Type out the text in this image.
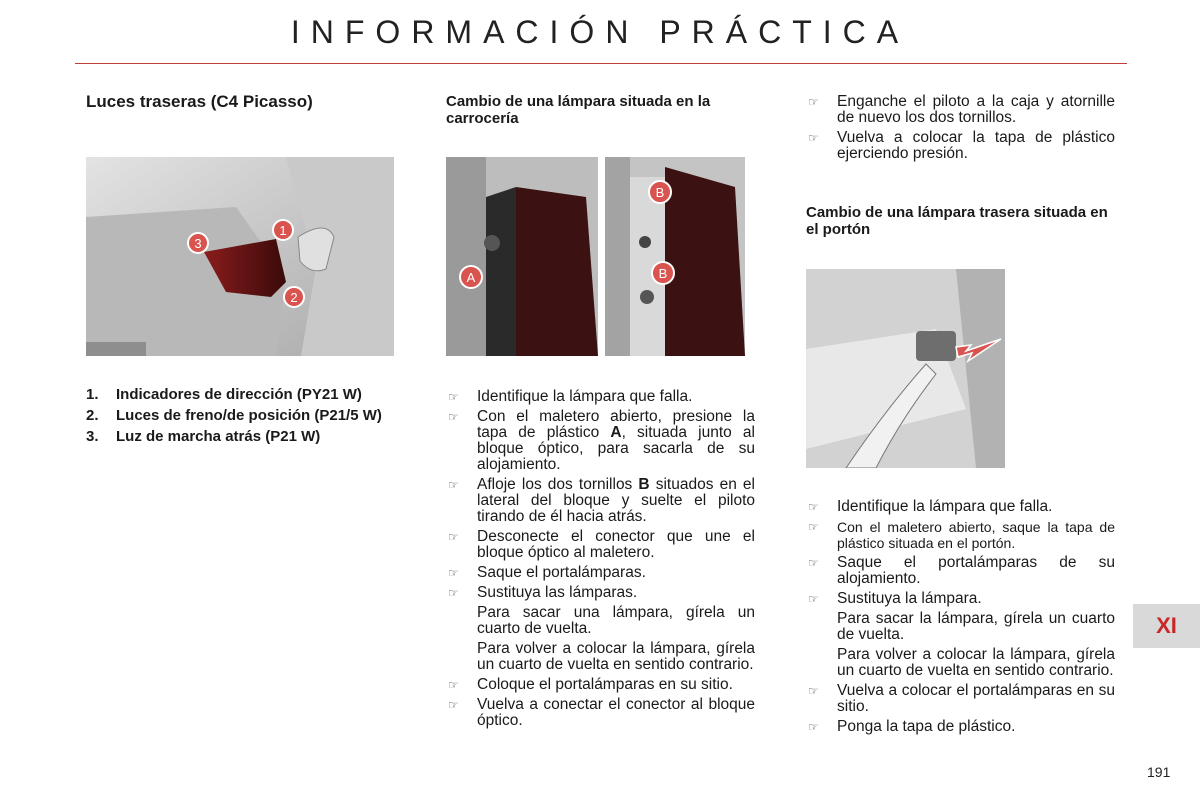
INFORMACIÓN PRÁCTICA
Luces traseras (C4 Picasso)
1
2
3
1.	Indicadores de dirección (PY21 W)
2.	Luces de freno/de posición (P21/5 W)
3.	Luz de marcha atrás (P21 W)
Cambio de una lámpara situada en la carrocería
A
B
B
☞ Identifique la lámpara que falla.
☞ Con el maletero abierto, presione la tapa de plástico A, situada junto al bloque óptico, para sacarla de su alojamiento.
☞ Afloje los dos tornillos B situados en el lateral del bloque y suelte el piloto tirando de él hacia atrás.
☞ Desconecte el conector que une el bloque óptico al maletero.
☞ Saque el portalámparas.
☞ Sustituya las lámparas.
Para sacar una lámpara, gírela un cuarto de vuelta.
Para volver a colocar la lámpara, gírela un cuarto de vuelta en sentido contrario.
☞ Coloque el portalámparas en su sitio.
☞ Vuelva a conectar el conector al bloque óptico.
☞ Enganche el piloto a la caja y atornille de nuevo los dos tornillos.
☞ Vuelva a colocar la tapa de plástico ejerciendo presión.
Cambio de una lámpara trasera situada en el portón
☞ Identifique la lámpara que falla.
☞ Con el maletero abierto, saque la tapa de plástico situada en el portón.
☞ Saque el portalámparas de su alojamiento.
☞ Sustituya la lámpara.
Para sacar la lámpara, gírela un cuarto de vuelta.
Para volver a colocar la lámpara, gírela un cuarto de vuelta en sentido contrario.
☞ Vuelva a colocar el portalámparas en su sitio.
☞ Ponga la tapa de plástico.
XI
191
